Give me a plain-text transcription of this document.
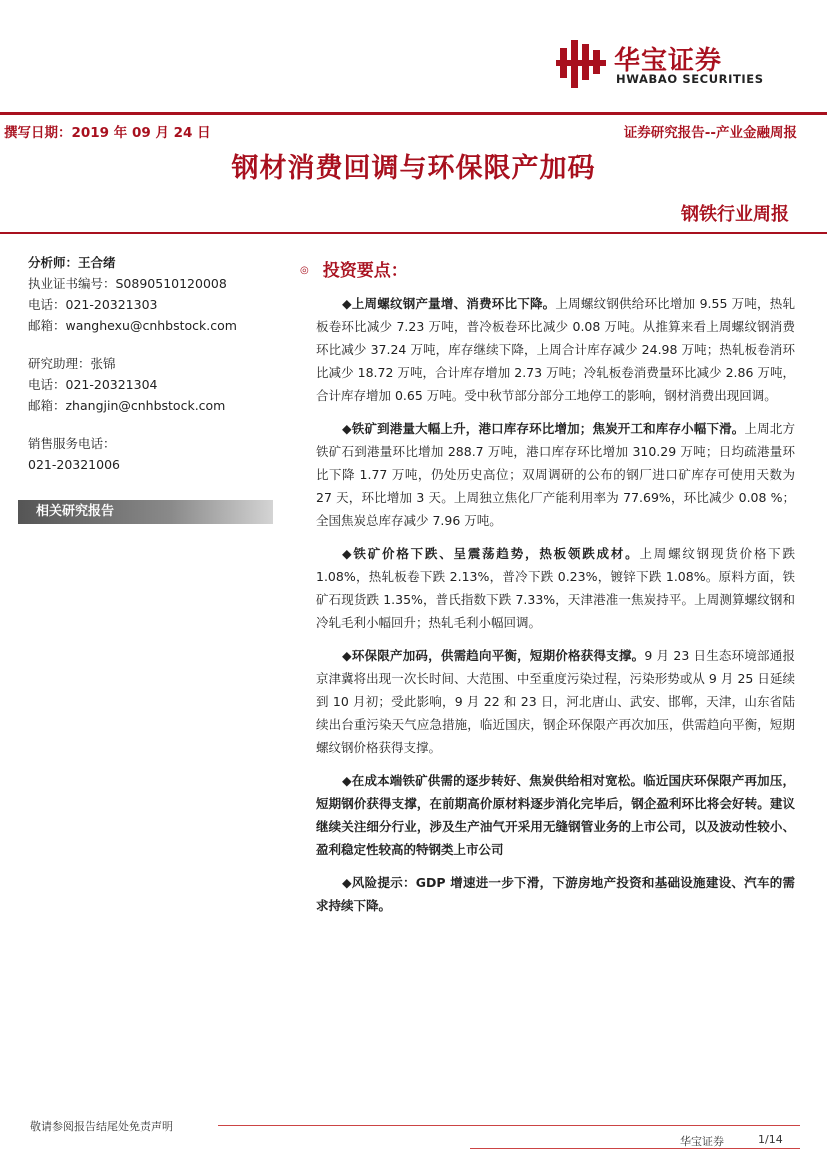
华宝证券
HWABAO SECURITIES
撰写日期：2019 年 09 月 24 日	证券研究报告--产业金融周报
钢材消费回调与环保限产加码
钢铁行业周报
分析师：王合绪
执业证书编号：S0890510120008
电话：021-20321303
邮箱：wanghexu@cnhbstock.com
研究助理：张锦
电话：021-20321304
邮箱：zhangjin@cnhbstock.com
销售服务电话：
021-20321006
相关研究报告
◎ 投资要点：
◆上周螺纹钢产量增、消费环比下降。上周螺纹钢供给环比增加 9.55 万吨，热轧板卷环比减少 7.23 万吨，普冷板卷环比减少 0.08 万吨。从推算来看上周螺纹钢消费环比减少 37.24 万吨，库存继续下降，上周合计库存减少 24.98 万吨；热轧板卷消环比减少 18.72 万吨，合计库存增加 2.73 万吨；冷轧板卷消费量环比减少 2.86 万吨，合计库存增加 0.65 万吨。受中秋节部分部分工地停工的影响，钢材消费出现回调。
◆铁矿到港量大幅上升，港口库存环比增加；焦炭开工和库存小幅下滑。上周北方铁矿石到港量环比增加 288.7 万吨，港口库存环比增加 310.29 万吨；日均疏港量环比下降 1.77 万吨，仍处历史高位；双周调研的公布的钢厂进口矿库存可使用天数为 27 天，环比增加 3 天。上周独立焦化厂产能利用率为 77.69%，环比减少 0.08 %；全国焦炭总库存减少 7.96 万吨。
◆铁矿价格下跌、呈震荡趋势，热板领跌成材。上周螺纹钢现货价格下跌 1.08%，热轧板卷下跌 2.13%，普冷下跌 0.23%，镀锌下跌 1.08%。原料方面，铁矿石现货跌 1.35%，普氏指数下跌 7.33%，天津港准一焦炭持平。上周测算螺纹钢和冷轧毛利小幅回升；热轧毛利小幅回调。
◆环保限产加码，供需趋向平衡，短期价格获得支撑。9 月 23 日生态环境部通报京津冀将出现一次长时间、大范围、中至重度污染过程，污染形势或从 9 月 25 日延续到 10 月初；受此影响，9 月 22 和 23 日，河北唐山、武安、邯郸，天津，山东省陆续出台重污染天气应急措施，临近国庆，钢企环保限产再次加压，供需趋向平衡，短期螺纹钢价格获得支撑。
◆在成本端铁矿供需的逐步转好、焦炭供给相对宽松。临近国庆环保限产再加压，短期钢价获得支撑，在前期高价原材料逐步消化完毕后，钢企盈利环比将会好转。建议继续关注细分行业，涉及生产油气开采用无缝钢管业务的上市公司，以及波动性较小、盈利稳定性较高的特钢类上市公司
◆风险提示：GDP 增速进一步下滑，下游房地产投资和基础设施建设、汽车的需求持续下降。
敬请参阅报告结尾处免责声明
华宝证券	1/14
